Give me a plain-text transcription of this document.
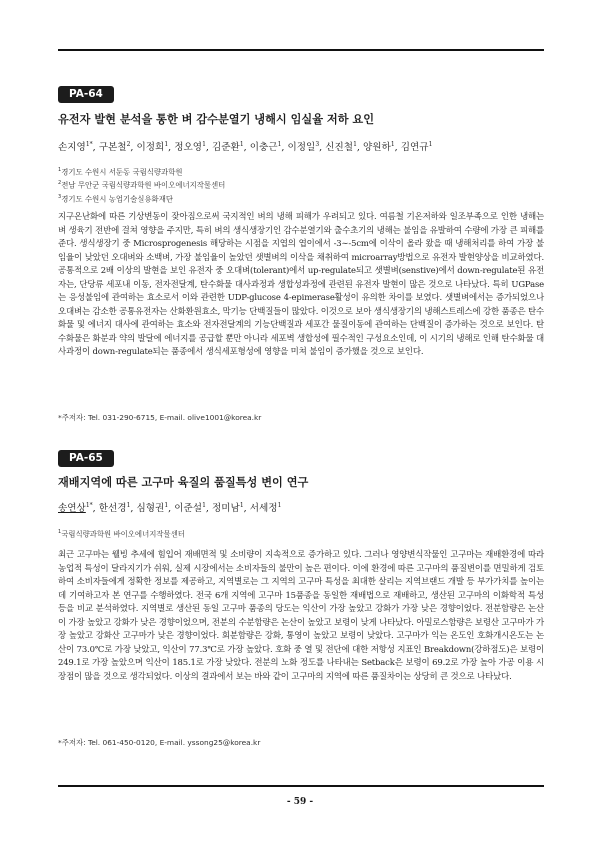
PA-64
유전자 발현 분석을 통한 벼 감수분열기 냉해시 임실율 저하 요인
손지영$^{1*}$, 구본철$^2$, 이정희$^1$, 정오영$^1$, 김준환$^1$, 이충근$^1$, 이정일$^3$, 신진철$^1$, 양원하$^1$, 김연규$^1$
$^1$경기도 수원시 서둔동 국립식량과학원
$^2$전남 무안군 국립식량과학원 바이오에너지작물센터
$^3$경기도 수원시 농업기술실용화재단
지구온난화에 따른 기상변동이 잦아짐으로써 국지적인 벼의 냉해 피해가 우려되고 있다. 여름철 기온저하와 일조부족으로 인한 냉해는 벼 생육기 전반에 걸쳐 영향을 주지만, 특히 벼의 생식생장기인 감수분열기와 출수초기의 냉해는 불임을 유발하여 수량에 가장 큰 피해를 준다. 생식생장기 중 Microsprogenesis 해당하는 시점을 지엽의 엽이에서 -3∼-5cm에 이삭이 올라 왔을 때 냉해처리를 하여 가장 불임율이 낮았던 오대벼와 소백벼, 가장 불임율이 높았던 샛별벼의 이삭을 채취하여 microarray방법으로 유전자 발현양상을 비교하였다. 공통적으로 2배 이상의 발현을 보인 유전자 중 오대벼(tolerant)에서 up-regulate되고 샛별벼(senstive)에서 down-regulate된 유전자는, 단당류 세포내 이동, 전자전달계, 탄수화물 대사과정과 생합성과정에 관련된 유전자 발현이 많은 것으로 나타났다. 특히 UGPase는 응성불임에 관여하는 효소로서 이와 관련한 UDP-glucose 4-epimerase활성이 유의한 차이를 보였다. 샛별벼에서는 증가되었으나 오대벼는 감소한 공통유전자는 산화환원효소, 막기능 단백질들이 많았다. 이것으로 보아 생식생장기의 냉해스트레스에 강한 품종은 탄수화물 및 에너지 대사에 관여하는 효소와 전자전달계의 기능단백질과 세포간 물질이동에 관여하는 단백질이 증가하는 것으로 보인다. 탄수화물은 화분과 약의 발달에 에너지를 공급할 뿐만 아니라 세포벽 생합성에 필수적인 구성요소인데, 이 시기의 냉해로 인해 탄수화물 대사과정이 down-regulate되는 품종에서 생식세포형성에 영향을 미쳐 불임이 증가했을 것으로 보인다.
*주저자: Tel. 031-290-6715, E-mail. olive1001@korea.kr
PA-65
재배지역에 따른 고구마 육질의 품질특성 변이 연구
송연상$^{1*}$, 한선경$^1$, 심형권$^1$, 이준설$^1$, 정미남$^1$, 서세정$^1$
$^1$국립식량과학원 바이오에너지작물센터
최근 고구마는 웰빙 추세에 힘입어 재배면적 및 소비량이 지속적으로 증가하고 있다. 그러나 영양변식작물인 고구마는 재배환경에 따라 농업적 특성이 달라지기가 쉬워, 실제 시장에서는 소비자들의 불만이 높은 편이다. 이에 환경에 따른 고구마의 품질변이를 면밀하게 검토하여 소비자들에게 정확한 정보를 제공하고, 지역별로는 그 지역의 고구마 특성을 최대한 살리는 지역브랜드 개발 등 부가가치를 높이는데 기여하고자 본 연구를 수행하였다. 전국 6개 지역에 고구마 15품종을 동일한 재배법으로 재배하고, 생산된 고구마의 이화학적 특성 등을 비교 분석하였다. 지역별로 생산된 동일 고구마 품종의 당도는 익산이 가장 높았고 강화가 가장 낮은 경향이었다. 전분함량은 논산이 가장 높았고 강화가 낮은 경향이었으며, 전분의 수분함량은 논산이 높았고 보령이 낮게 나타났다. 아밀로스함량은 보령산 고구마가 가장 높았고 강화산 고구마가 낮은 경향이었다. 회분함량은 강화, 통영이 높았고 보령이 낮았다. 고구마가 익는 온도인 호화개시온도는 논산이 73.0℃로 가장 낮았고, 익산이 77.3℃로 가장 높았다. 호화 중 열 및 전단에 대한 저항성 지표인 Breakdown(강하점도)은 보령이 249.1로 가장 높았으며 익산이 185.1로 가장 낮았다. 전분의 노화 정도를 나타내는 Setback은 보령이 69.2로 가장 높아 가공 이용 시 장점이 많을 것으로 생각되었다. 이상의 결과에서 보는 바와 같이 고구마의 지역에 따른 품질차이는 상당히 큰 것으로 나타났다.
*주저자: Tel. 061-450-0120, E-mail. yssong25@korea.kr
- 59 -
